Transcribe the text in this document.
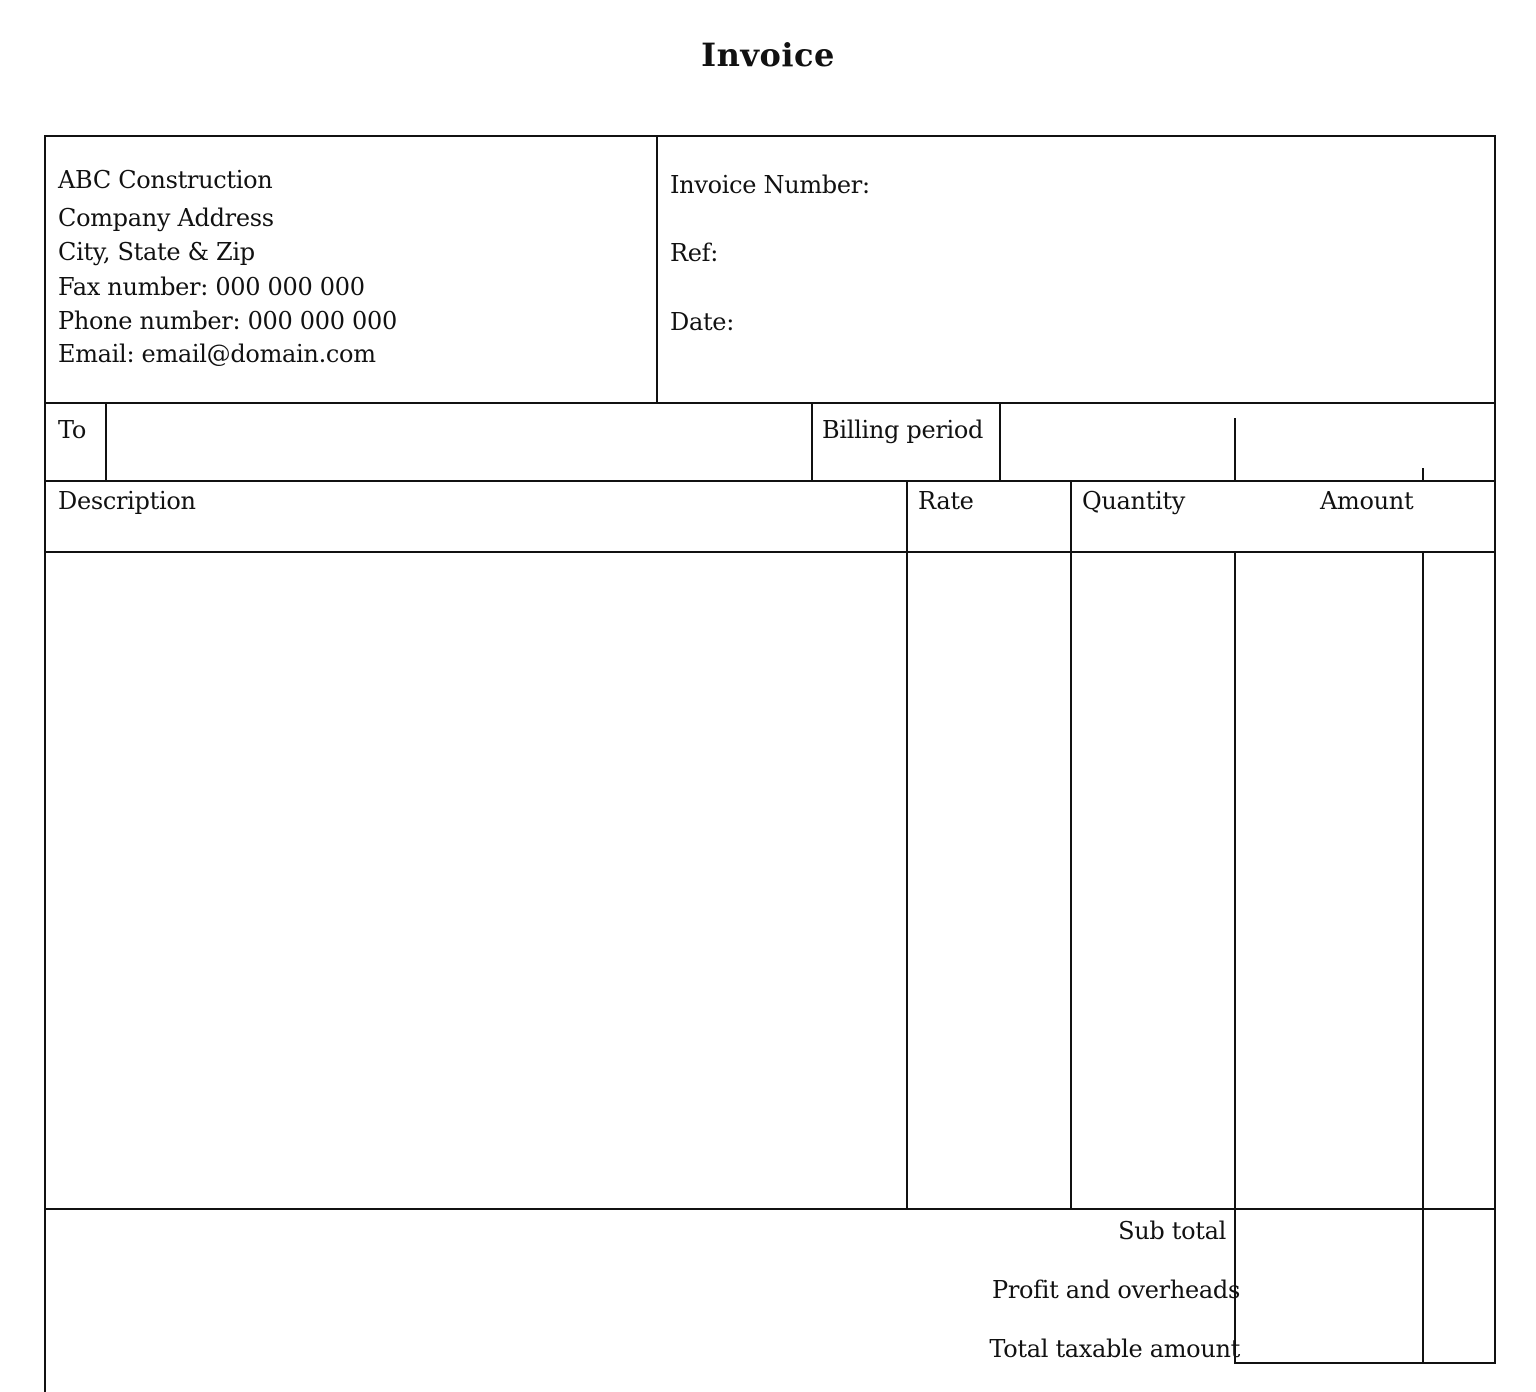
Invoice
ABC Construction
Company Address
City, State & Zip
Fax number: 000 000 000
Phone number: 000 000 000
Email: email@domain.com
Invoice Number:
Ref:
Date:
To	Billing period
Description	Rate	Quantity	Amount
Sub total
Profit and overheads
Total taxable amount
